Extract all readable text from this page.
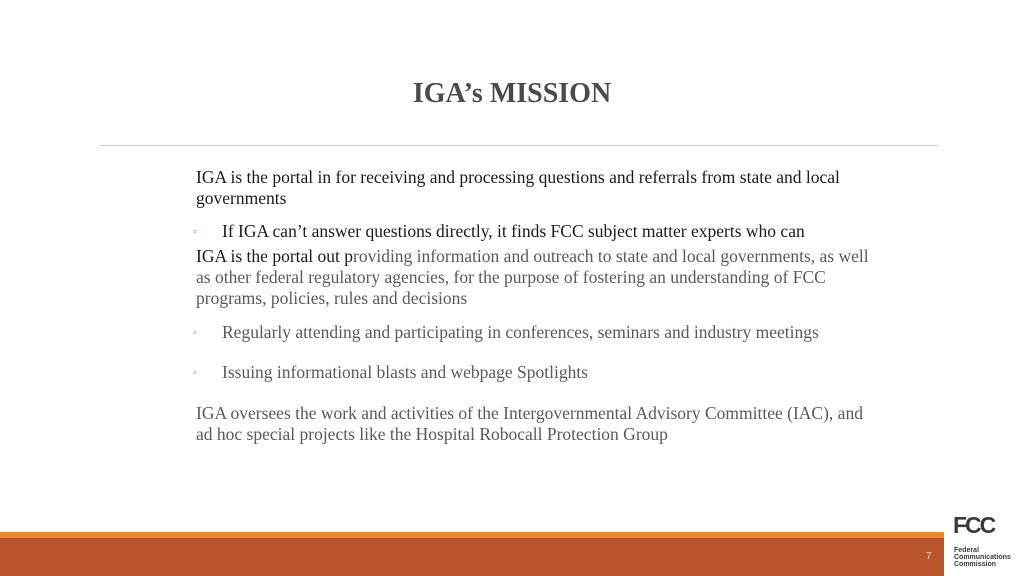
IGA’s MISSION

IGA is the portal in for receiving and processing questions and referrals from state and local governments

◦ If IGA can’t answer questions directly, it finds FCC subject matter experts who can

IGA is the portal out providing information and outreach to state and local governments, as well as other federal regulatory agencies, for the purpose of fostering an understanding of FCC programs, policies, rules and decisions

◦ Regularly attending and participating in conferences, seminars and industry meetings

◦ Issuing informational blasts and webpage Spotlights

IGA oversees the work and activities of the Intergovernmental Advisory Committee (IAC), and ad hoc special projects like the Hospital Robocall Protection Group

7
FCC
Federal
Communications
Commission
